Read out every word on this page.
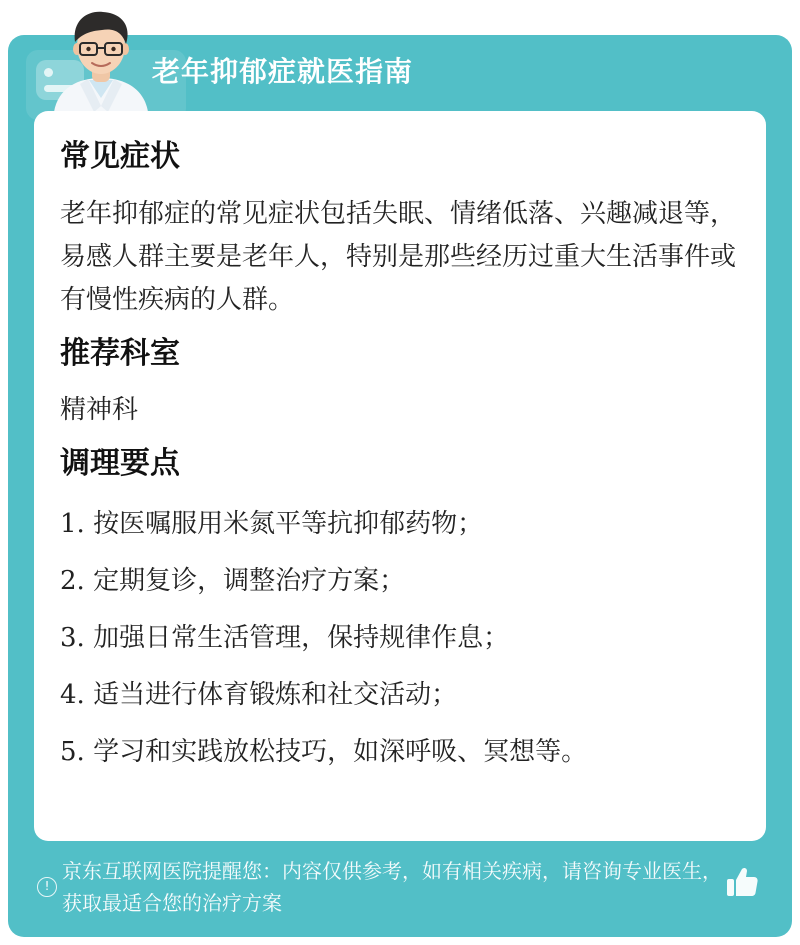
老年抑郁症就医指南
常见症状
老年抑郁症的常见症状包括失眠、情绪低落、兴趣减退等，易感人群主要是老年人，特别是那些经历过重大生活事件或有慢性疾病的人群。
推荐科室
精神科
调理要点
1. 按医嘱服用米氮平等抗抑郁药物；
2. 定期复诊，调整治疗方案；
3. 加强日常生活管理，保持规律作息；
4. 适当进行体育锻炼和社交活动；
5. 学习和实践放松技巧，如深呼吸、冥想等。
!
京东互联网医院提醒您：内容仅供参考，如有相关疾病，请咨询专业医生，获取最适合您的治疗方案
